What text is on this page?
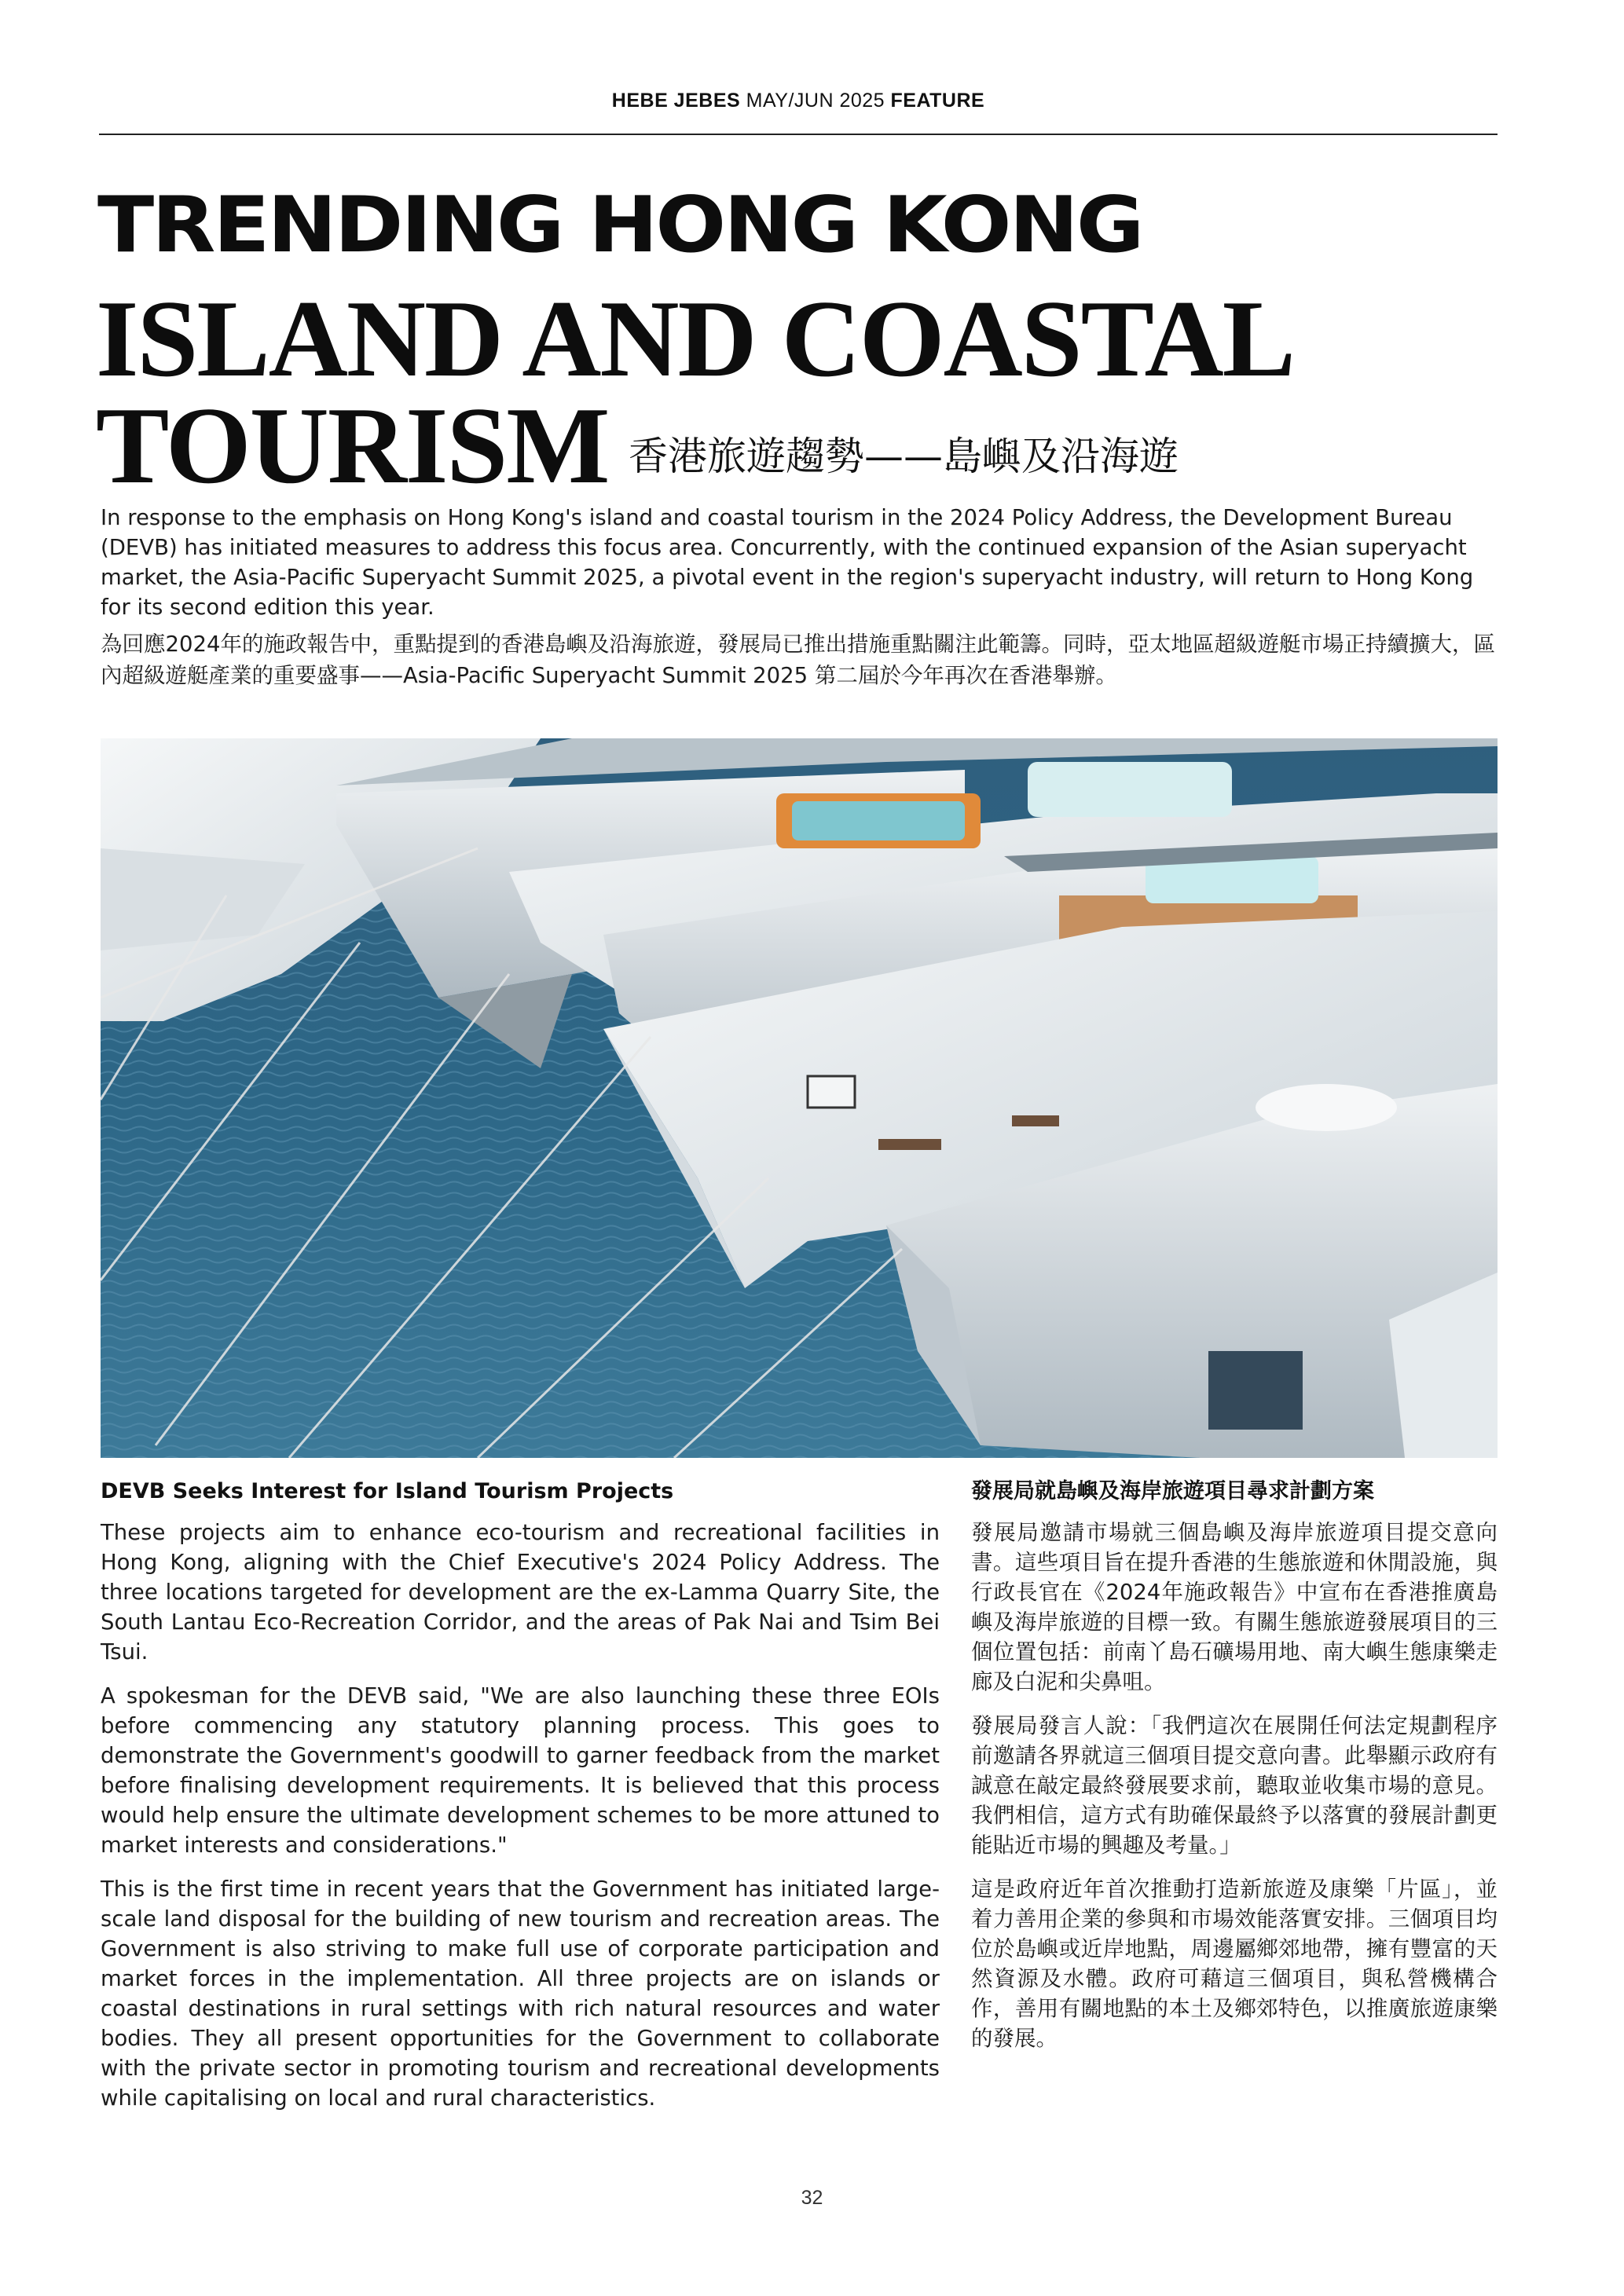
HEBE JEBES MAY/JUN 2025 FEATURE
TRENDING HONG KONG
ISLAND AND COASTAL
TOURISM 香港旅遊趨勢——島嶼及沿海遊
In response to the emphasis on Hong Kong's island and coastal tourism in the 2024 Policy Address, the Development Bureau (DEVB) has initiated measures to address this focus area. Concurrently, with the continued expansion of the Asian superyacht market, the Asia-Pacific Superyacht Summit 2025, a pivotal event in the region's superyacht industry, will return to Hong Kong for its second edition this year.
為回應2024年的施政報告中，重點提到的香港島嶼及沿海旅遊，發展局已推出措施重點關注此範籌。同時，亞太地區超級遊艇市場正持續擴大，區內超級遊艇產業的重要盛事——Asia-Pacific Superyacht Summit 2025 第二屆於今年再次在香港舉辦。
DEVB Seeks Interest for Island Tourism Projects

These projects aim to enhance eco-tourism and recreational facilities in Hong Kong, aligning with the Chief Executive's 2024 Policy Address. The three locations targeted for development are the ex-Lamma Quarry Site, the South Lantau Eco-Recreation Corridor, and the areas of Pak Nai and Tsim Bei Tsui.

A spokesman for the DEVB said, "We are also launching these three EOIs before commencing any statutory planning process. This goes to demonstrate the Government's goodwill to garner feedback from the market before finalising development requirements. It is believed that this process would help ensure the ultimate development schemes to be more attuned to market interests and considerations."

This is the first time in recent years that the Government has initiated large-scale land disposal for the building of new tourism and recreation areas. The Government is also striving to make full use of corporate participation and market forces in the implementation. All three projects are on islands or coastal destinations in rural settings with rich natural resources and water bodies. They all present opportunities for the Government to collaborate with the private sector in promoting tourism and recreational developments while capitalising on local and rural characteristics.

發展局就島嶼及海岸旅遊項目尋求計劃方案

發展局邀請市場就三個島嶼及海岸旅遊項目提交意向書。這些項目旨在提升香港的生態旅遊和休閒設施，與行政長官在《2024年施政報告》中宣布在香港推廣島嶼及海岸旅遊的目標一致。有關生態旅遊發展項目的三個位置包括：前南丫島石礦場用地、南大嶼生態康樂走廊及白泥和尖鼻咀。

發展局發言人說：「我們這次在展開任何法定規劃程序前邀請各界就這三個項目提交意向書。此舉顯示政府有誠意在敲定最終發展要求前，聽取並收集市場的意見。我們相信，這方式有助確保最終予以落實的發展計劃更能貼近市場的興趣及考量。」

這是政府近年首次推動打造新旅遊及康樂「片區」，並着力善用企業的參與和市場效能落實安排。三個項目均位於島嶼或近岸地點，周邊屬鄉郊地帶，擁有豐富的天然資源及水體。政府可藉這三個項目，與私營機構合作，善用有關地點的本土及鄉郊特色，以推廣旅遊康樂的發展。

32
